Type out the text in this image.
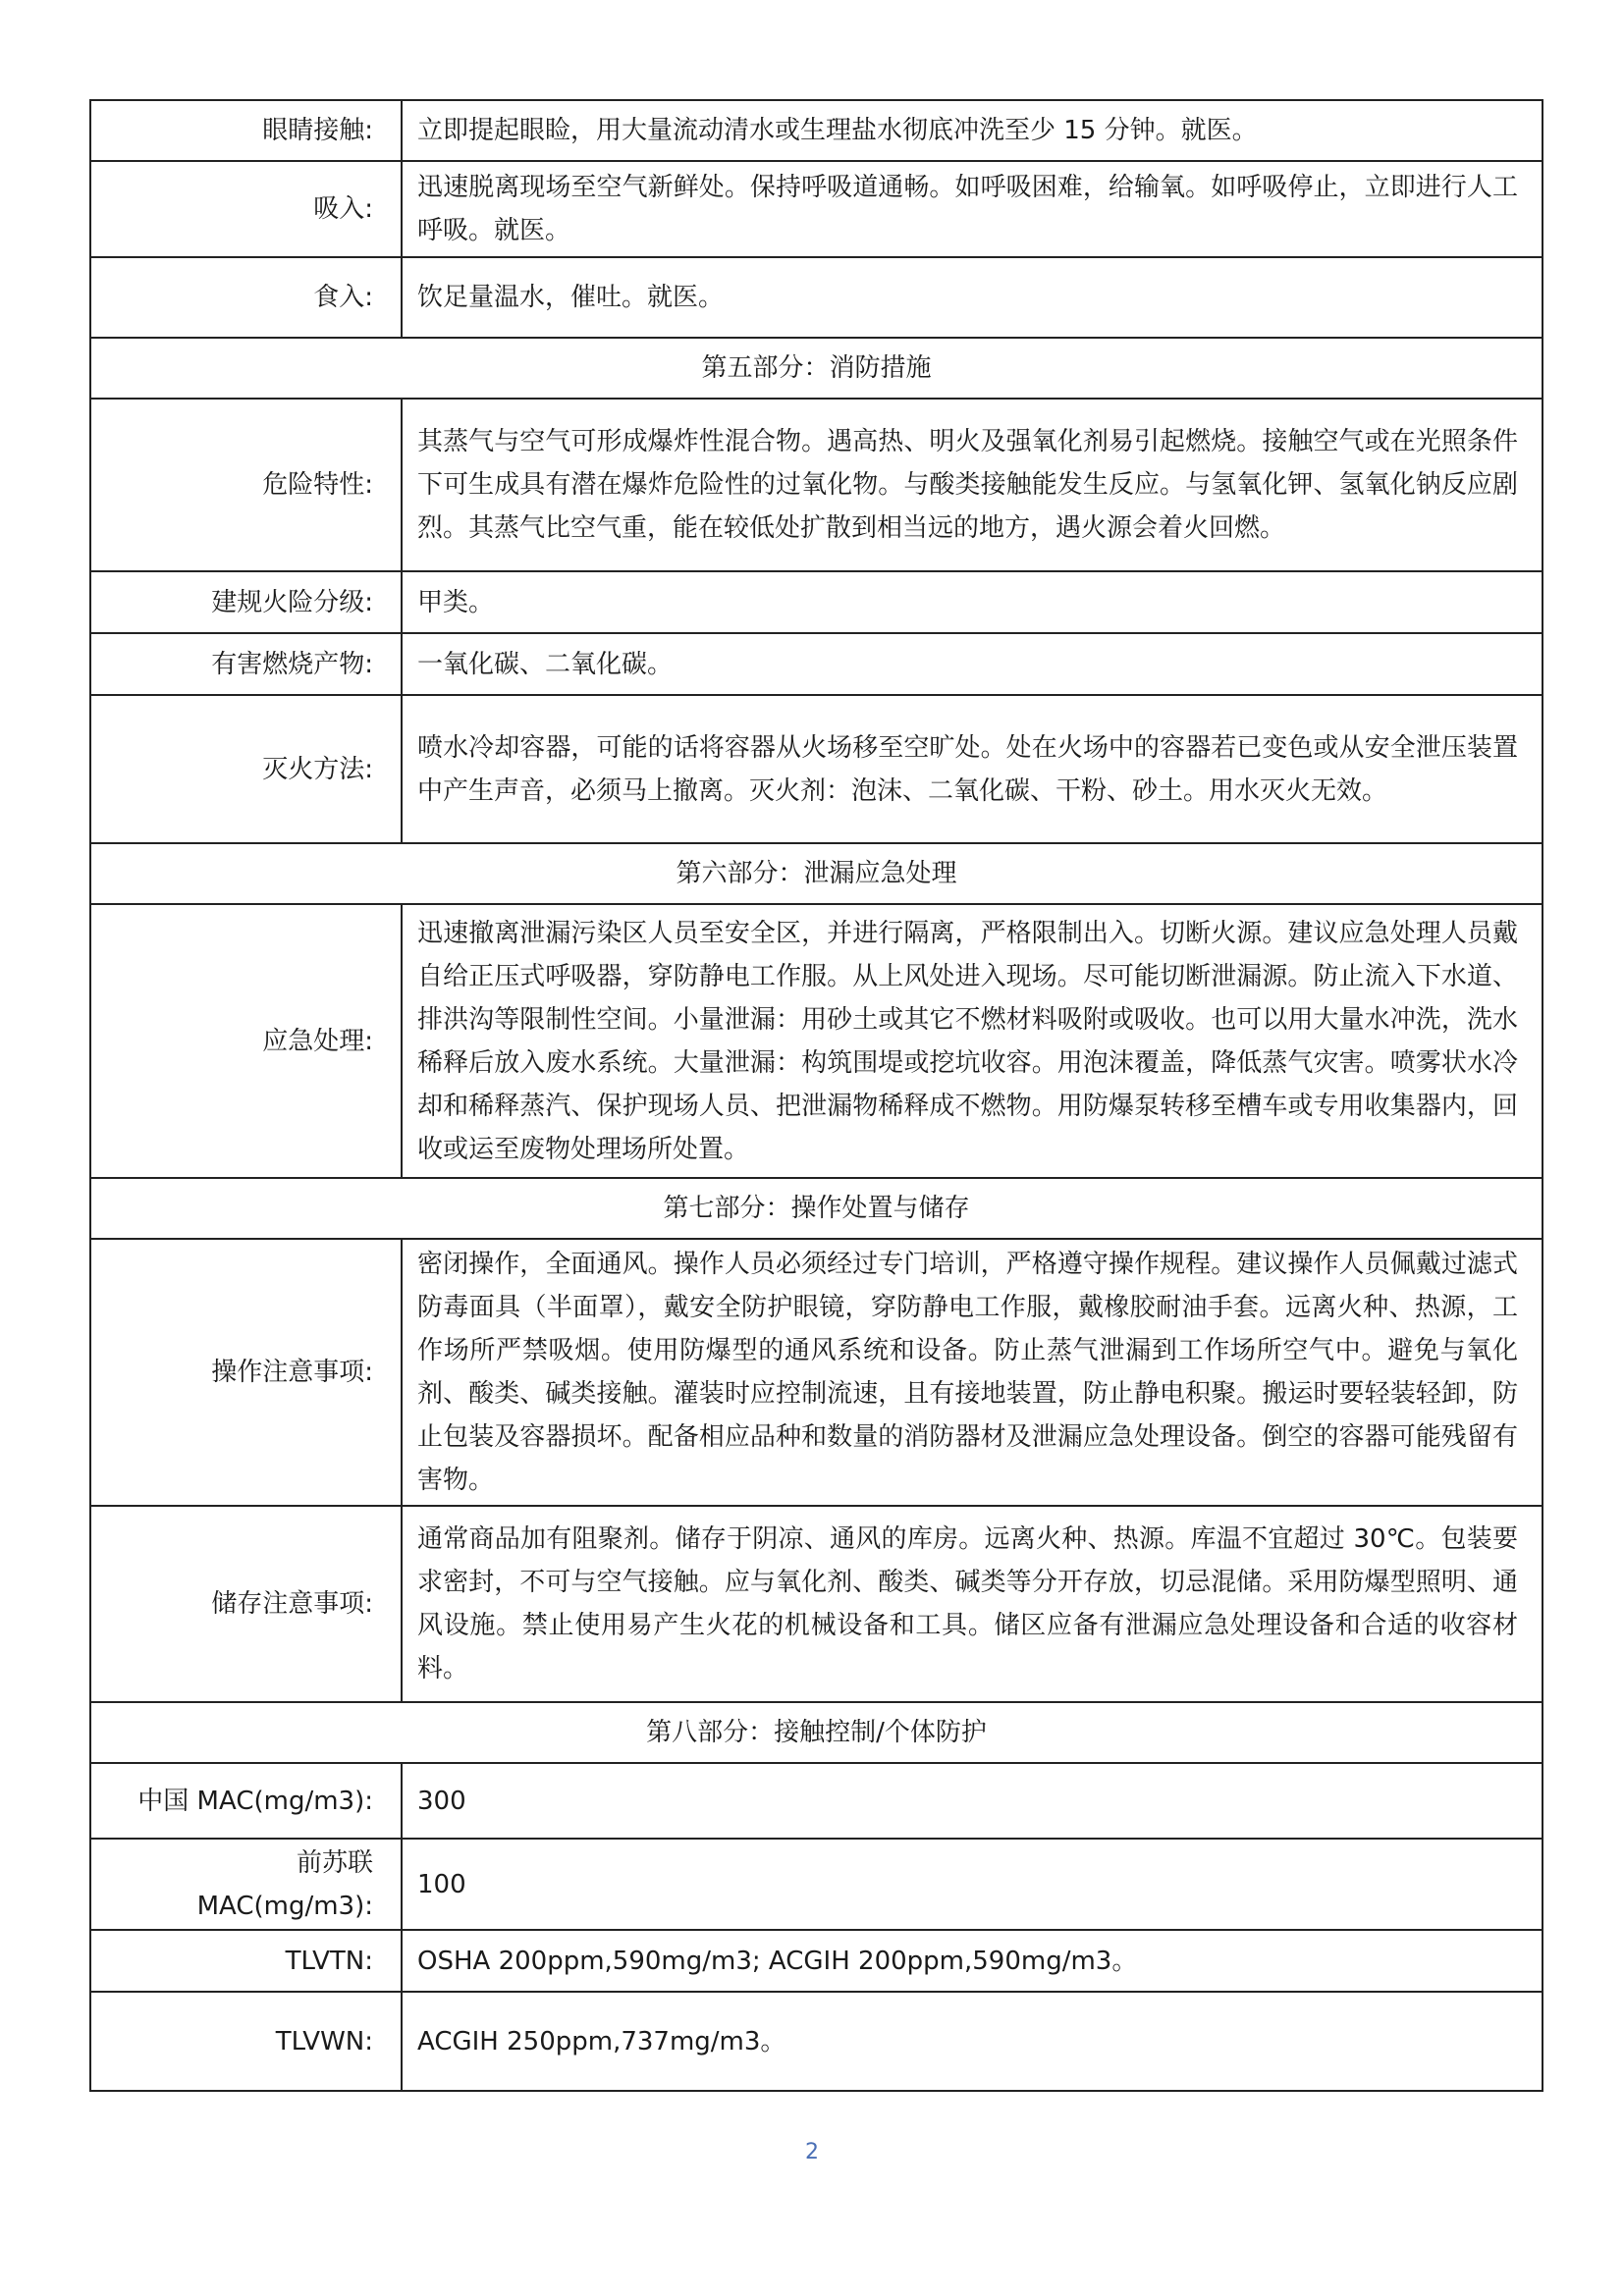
眼睛接触:	立即提起眼睑，用大量流动清水或生理盐水彻底冲洗至少 15 分钟。就医。
吸入:	迅速脱离现场至空气新鲜处。保持呼吸道通畅。如呼吸困难，给输氧。如呼吸停止，立即进行人工呼吸。就医。
食入:	饮足量温水，催吐。就医。
第五部分：消防措施	
危险特性:	其蒸气与空气可形成爆炸性混合物。遇高热、明火及强氧化剂易引起燃烧。接触空气或在光照条件下可生成具有潜在爆炸危险性的过氧化物。与酸类接触能发生反应。与氢氧化钾、氢氧化钠反应剧烈。其蒸气比空气重，能在较低处扩散到相当远的地方，遇火源会着火回燃。
建规火险分级:	甲类。
有害燃烧产物:	一氧化碳、二氧化碳。
灭火方法:	喷水冷却容器，可能的话将容器从火场移至空旷处。处在火场中的容器若已变色或从安全泄压装置中产生声音，必须马上撤离。灭火剂：泡沫、二氧化碳、干粉、砂土。用水灭火无效。
第六部分：泄漏应急处理	
应急处理:	迅速撤离泄漏污染区人员至安全区，并进行隔离，严格限制出入。切断火源。建议应急处理人员戴自给正压式呼吸器，穿防静电工作服。从上风处进入现场。尽可能切断泄漏源。防止流入下水道、排洪沟等限制性空间。小量泄漏：用砂土或其它不燃材料吸附或吸收。也可以用大量水冲洗，洗水稀释后放入废水系统。大量泄漏：构筑围堤或挖坑收容。用泡沫覆盖，降低蒸气灾害。喷雾状水冷却和稀释蒸汽、保护现场人员、把泄漏物稀释成不燃物。用防爆泵转移至槽车或专用收集器内，回收或运至废物处理场所处置。
第七部分：操作处置与储存	
操作注意事项:	密闭操作，全面通风。操作人员必须经过专门培训，严格遵守操作规程。建议操作人员佩戴过滤式防毒面具（半面罩），戴安全防护眼镜，穿防静电工作服，戴橡胶耐油手套。远离火种、热源，工作场所严禁吸烟。使用防爆型的通风系统和设备。防止蒸气泄漏到工作场所空气中。避免与氧化剂、酸类、碱类接触。灌装时应控制流速，且有接地装置，防止静电积聚。搬运时要轻装轻卸，防止包装及容器损坏。配备相应品种和数量的消防器材及泄漏应急处理设备。倒空的容器可能残留有害物。
储存注意事项:	通常商品加有阻聚剂。储存于阴凉、通风的库房。远离火种、热源。库温不宜超过 30℃。包装要求密封，不可与空气接触。应与氧化剂、酸类、碱类等分开存放，切忌混储。采用防爆型照明、通风设施。禁止使用易产生火花的机械设备和工具。储区应备有泄漏应急处理设备和合适的收容材料。
第八部分：接触控制/个体防护	
中国 MAC(mg/m3):	300
前苏联
MAC(mg/m3):	100
TLVTN:	OSHA 200ppm,590mg/m3; ACGIH 200ppm,590mg/m3。
TLVWN:	ACGIH 250ppm,737mg/m3。
2
